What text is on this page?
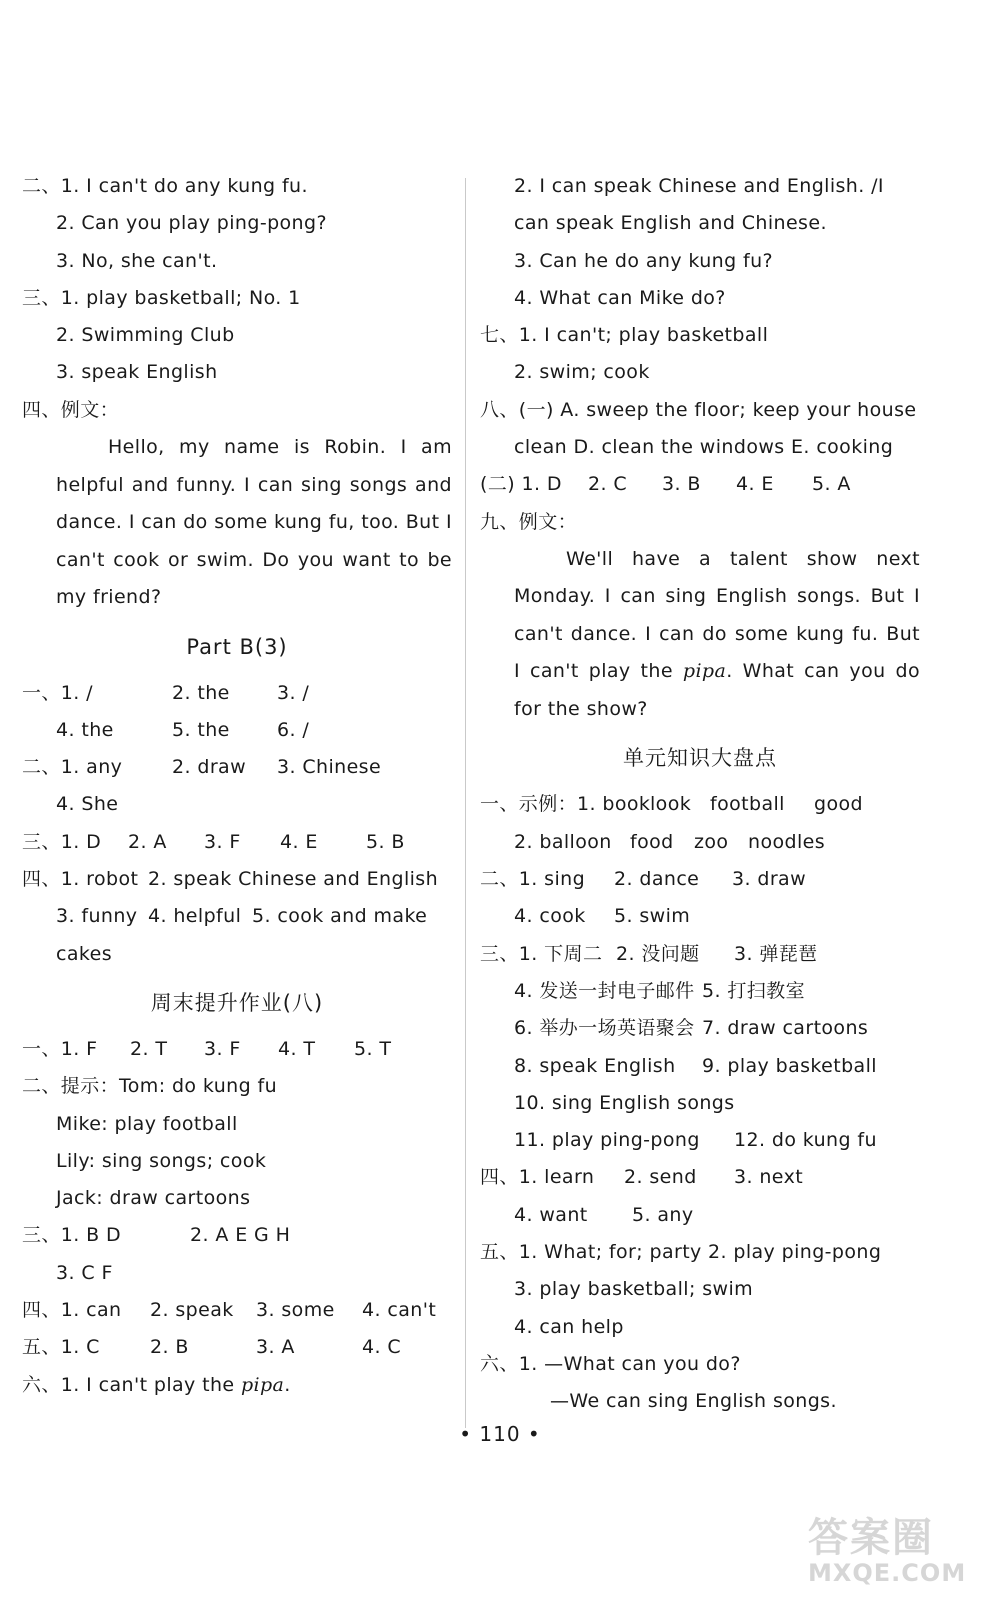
二、1. I can't do any kung fu.
2. Can you play ping-pong?
3. No, she can't.
三、1. play basketball; No. 1
2. Swimming Club
3. speak English
四、例文：
Hello, my name is Robin. I am helpful and funny. I can sing songs and dance. I can do some kung fu, too. But I can't cook or swim. Do you want to be my friend?
Part B(3)
一、1. /	2. the	3. /
4. the	5. the	6. /
二、1. any	2. draw	3. Chinese
4. She
三、1. D	2. A	3. F	4. E	5. B
四、1. robot 2. speak Chinese and English
3. funny 4. helpful 5. cook and make
cakes
周末提升作业(八)
一、1. F	2. T	3. F	4. T	5. T
二、提示：Tom: do kung fu
Mike: play football
Lily: sing songs; cook
Jack: draw cartoons
三、1. B D	2. A E G H
3. C F
四、1. can	2. speak	3. some	4. can't
五、1. C	2. B	3. A	4. C
六、1. I can't play the pipa.
2. I can speak Chinese and English. /I
can speak English and Chinese.
3. Can he do any kung fu?
4. What can Mike do?
七、1. I can't; play basketball
2. swim; cook
八、(一) A. sweep the floor; keep your house
clean D. clean the windows E. cooking
(二) 1. D	2. C	3. B	4. E	5. A
九、例文：
We'll have a talent show next Monday. I can sing English songs. But I can't dance. I can do some kung fu. But I can't play the pipa. What can you do for the show?
单元知识大盘点
一、示例：1. book look football	good
2. balloon food	zoo	noodles
二、1. sing	2. dance	3. draw
4. cook	5. swim
三、1. 下周二 2. 没问题	3. 弹琵琶
4. 发送一封电子邮件 5. 打扫教室
6. 举办一场英语聚会 7. draw cartoons
8. speak English	9. play basketball
10. sing English songs
11. play ping-pong	12. do kung fu
四、1. learn	2. send	3. next
4. want	5. any
五、1. What; for; party 2. play ping-pong
3. play basketball; swim
4. can help
六、1. —What can you do?
—We can sing English songs.
• 110 •
答案圈
MXQE.COM
